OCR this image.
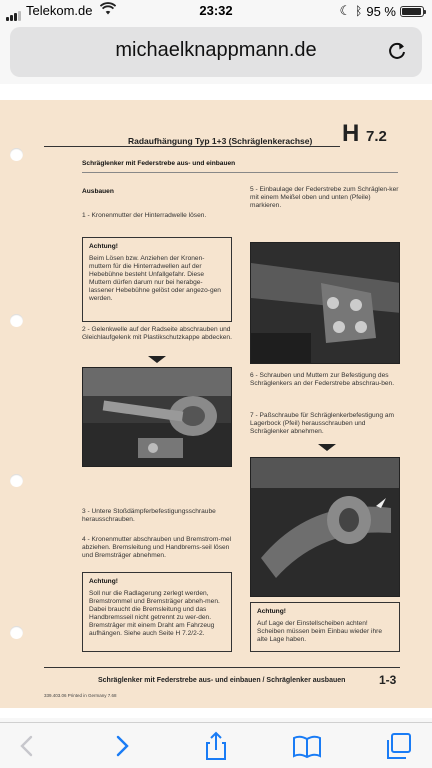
Telekom.de	23:32	☾ ᛒ 95 %
michaelknappmann.de
Radaufhängung Typ 1+3 (Schräglenkerachse) H 7.2
Schräglenker mit Federstrebe aus- und einbauen
Ausbauen
1 - Kronenmutter der Hinterradwelle lösen.
Achtung!
Beim Lösen bzw. Anziehen der Kronen-muttern für die Hinterradwellen auf der Hebebühne besteht Unfallgefahr. Diese Muttern dürfen darum nur bei herabge-lassener Hebebühne gelöst oder angezo-gen werden.
2 - Gelenkwelle auf der Radseite abschrauben und Gleichlaufgelenk mit Plastikschutzkappe abdecken.
3 - Untere Stoßdämpferbefestigungsschraube herausschrauben.
4 - Kronenmutter abschrauben und Bremstrom-mel abziehen. Bremsleitung und Handbrems-seil lösen und Bremsträger abnehmen.
Achtung!
Soll nur die Radlagerung zerlegt werden, Bremstrommel und Bremsträger abneh-men. Dabei braucht die Bremsleitung und das Handbremsseil nicht getrennt zu wer-den. Bremsträger mit einem Draht am Fahrzeug aufhängen. Siehe auch Seite H 7.2/2-2.
5 - Einbaulage der Federstrebe zum Schräglen-ker mit einem Meißel oben und unten (Pfeile) markieren.
6 - Schrauben und Muttern zur Befestigung des Schräglenkers an der Federstrebe abschrau-ben.
7 - Paßschraube für Schräglenkerbefestigung am Lagerbock (Pfeil) herausschrauben und Schräglenker abnehmen.
Achtung!
Auf Lage der Einstellscheiben achten! Scheiben müssen beim Einbau wieder ihre alte Lage haben.
Schräglenker mit Federstrebe aus- und einbauen / Schräglenker ausbauen	1-3
339.403.06 Printed in Germany 7.68
